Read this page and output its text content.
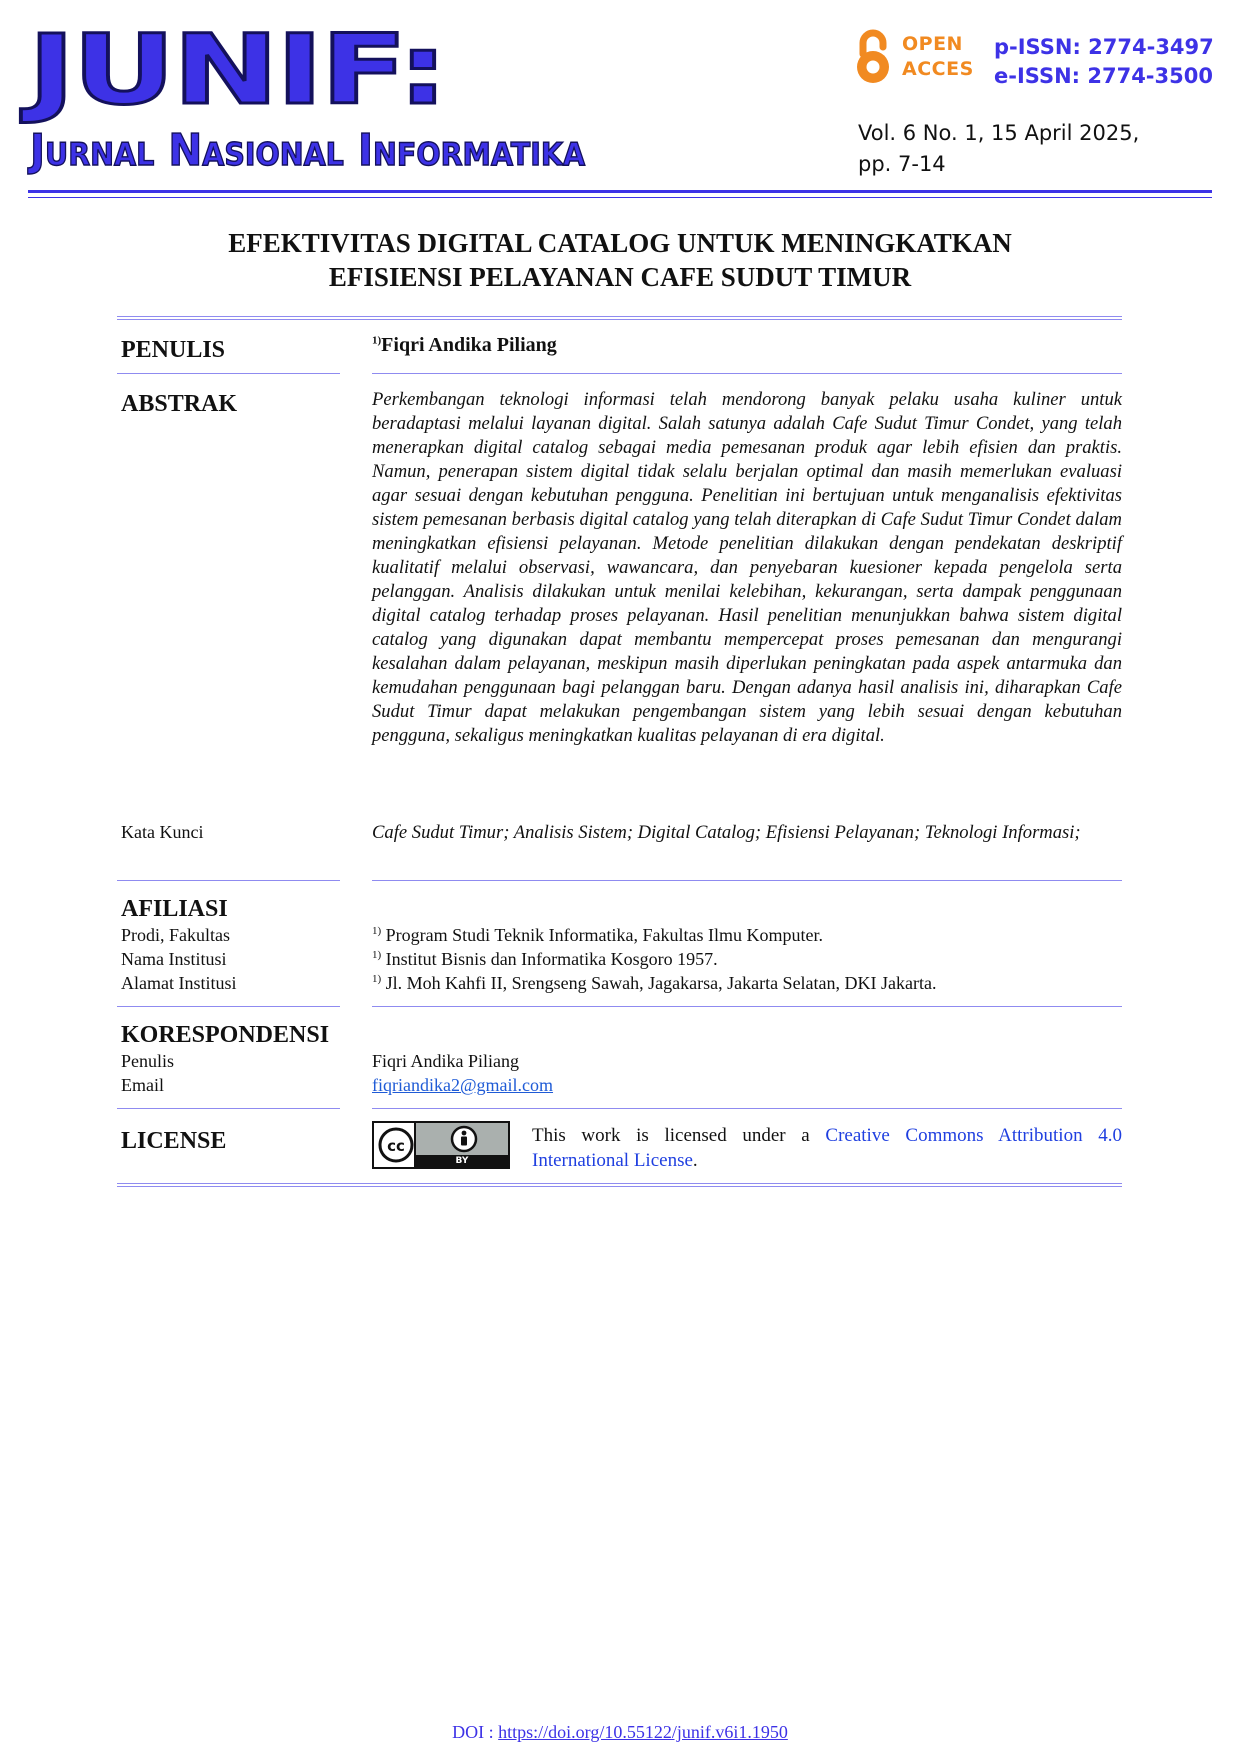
JUNIF:
Jurnal Nasional Informatika
OPEN
ACCES
p-ISSN: 2774-3497
e-ISSN: 2774-3500
Vol. 6 No. 1, 15 April 2025,
pp. 7-14
EFEKTIVITAS DIGITAL CATALOG UNTUK MENINGKATKAN
EFISIENSI PELAYANAN CAFE SUDUT TIMUR
PENULIS	$^{1)}$Fiqri Andika Piliang
ABSTRAK	Perkembangan teknologi informasi telah mendorong banyak pelaku usaha kuliner untuk beradaptasi melalui layanan digital. Salah satunya adalah Cafe Sudut Timur Condet, yang telah menerapkan digital catalog sebagai media pemesanan produk agar lebih efisien dan praktis. Namun, penerapan sistem digital tidak selalu berjalan optimal dan masih memerlukan evaluasi agar sesuai dengan kebutuhan pengguna. Penelitian ini bertujuan untuk menganalisis efektivitas sistem pemesanan berbasis digital catalog yang telah diterapkan di Cafe Sudut Timur Condet dalam meningkatkan efisiensi pelayanan. Metode penelitian dilakukan dengan pendekatan deskriptif kualitatif melalui observasi, wawancara, dan penyebaran kuesioner kepada pengelola serta pelanggan. Analisis dilakukan untuk menilai kelebihan, kekurangan, serta dampak penggunaan digital catalog terhadap proses pelayanan. Hasil penelitian menunjukkan bahwa sistem digital catalog yang digunakan dapat membantu mempercepat proses pemesanan dan mengurangi kesalahan dalam pelayanan, meskipun masih diperlukan peningkatan pada aspek antarmuka dan kemudahan penggunaan bagi pelanggan baru. Dengan adanya hasil analisis ini, diharapkan Cafe Sudut Timur dapat melakukan pengembangan sistem yang lebih sesuai dengan kebutuhan pengguna, sekaligus meningkatkan kualitas pelayanan di era digital.

Kata Kunci	Cafe Sudut Timur; Analisis Sistem; Digital Catalog; Efisiensi Pelayanan; Teknologi Informasi;

AFILIASI
Prodi, Fakultas	$^{1)}$ Program Studi Teknik Informatika, Fakultas Ilmu Komputer.
Nama Institusi	$^{1)}$ Institut Bisnis dan Informatika Kosgoro 1957.
Alamat Institusi	$^{1)}$ Jl. Moh Kahfi II, Srengseng Sawah, Jagakarsa, Jakarta Selatan, DKI Jakarta.
KORESPONDENSI
Penulis	Fiqri Andika Piliang
Email	fiqriandika2@gmail.com
LICENSE	cc
BY

This work is licensed under a Creative Commons Attribution 4.0 International License.

DOI : https://doi.org/10.55122/junif.v6i1.1950
